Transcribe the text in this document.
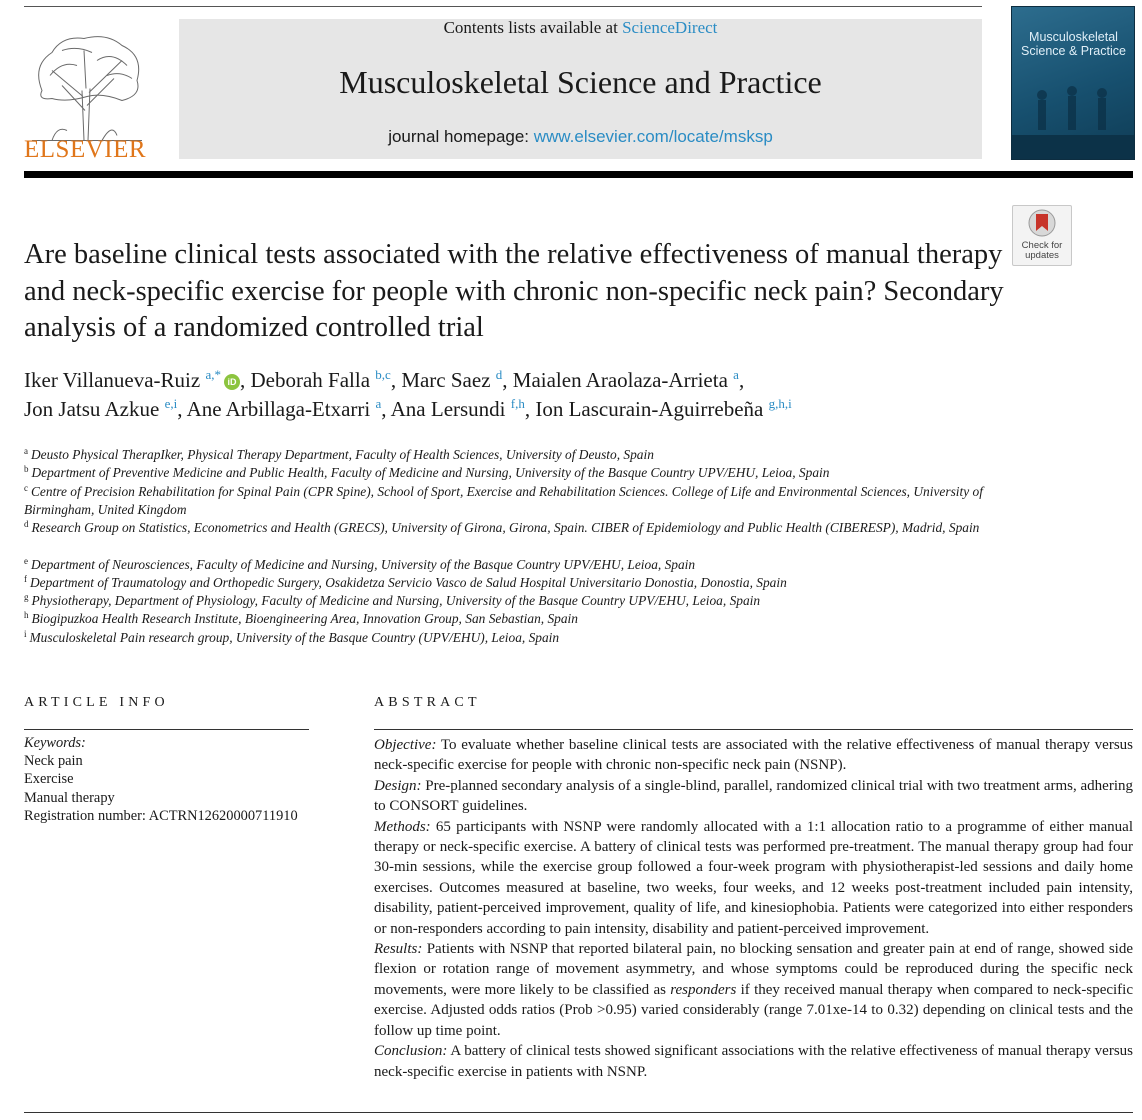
ELSEVIER
Contents lists available at ScienceDirect
Musculoskeletal Science and Practice
journal homepage: www.elsevier.com/locate/msksp
Musculoskeletal Science & Practice
Check for updates
Are baseline clinical tests associated with the relative effectiveness of manual therapy and neck-specific exercise for people with chronic non-specific neck pain? Secondary analysis of a randomized controlled trial
Iker Villanueva-Ruiz $^{a,*}$ iD , Deborah Falla $^{b,c}$, Marc Saez $^d$, Maialen Araolaza-Arrieta $^a$,
Jon Jatsu Azkue $^{e,i}$, Ane Arbillaga-Etxarri $^a$, Ana Lersundi $^{f,h}$, Ion Lascurain-Aguirrebeña $^{g,h,i}$
$^a$ Deusto Physical TherapIker, Physical Therapy Department, Faculty of Health Sciences, University of Deusto, Spain
$^b$ Department of Preventive Medicine and Public Health, Faculty of Medicine and Nursing, University of the Basque Country UPV/EHU, Leioa, Spain
$^c$ Centre of Precision Rehabilitation for Spinal Pain (CPR Spine), School of Sport, Exercise and Rehabilitation Sciences. College of Life and Environmental Sciences, University of Birmingham, United Kingdom
$^d$ Research Group on Statistics, Econometrics and Health (GRECS), University of Girona, Girona, Spain. CIBER of Epidemiology and Public Health (CIBERESP), Madrid, Spain
$^e$ Department of Neurosciences, Faculty of Medicine and Nursing, University of the Basque Country UPV/EHU, Leioa, Spain
$^f$ Department of Traumatology and Orthopedic Surgery, Osakidetza Servicio Vasco de Salud Hospital Universitario Donostia, Donostia, Spain
$^g$ Physiotherapy, Department of Physiology, Faculty of Medicine and Nursing, University of the Basque Country UPV/EHU, Leioa, Spain
$^h$ Biogipuzkoa Health Research Institute, Bioengineering Area, Innovation Group, San Sebastian, Spain
$^i$ Musculoskeletal Pain research group, University of the Basque Country (UPV/EHU), Leioa, Spain
ARTICLE INFO
Keywords:
Neck pain
Exercise
Manual therapy
Registration number: ACTRN12620000711910
ABSTRACT

Objective: To evaluate whether baseline clinical tests are associated with the relative effectiveness of manual therapy versus neck-specific exercise for people with chronic non-specific neck pain (NSNP).

Design: Pre-planned secondary analysis of a single-blind, parallel, randomized clinical trial with two treatment arms, adhering to CONSORT guidelines.

Methods: 65 participants with NSNP were randomly allocated with a 1:1 allocation ratio to a programme of either manual therapy or neck-specific exercise. A battery of clinical tests was performed pre-treatment. The manual therapy group had four 30-min sessions, while the exercise group followed a four-week program with physiotherapist-led sessions and daily home exercises. Outcomes measured at baseline, two weeks, four weeks, and 12 weeks post-treatment included pain intensity, disability, patient-perceived improvement, quality of life, and kinesiophobia. Patients were categorized into either responders or non-responders according to pain intensity, disability and patient-perceived improvement.

Results: Patients with NSNP that reported bilateral pain, no blocking sensation and greater pain at end of range, showed side flexion or rotation range of movement asymmetry, and whose symptoms could be reproduced during the specific neck movements, were more likely to be classified as responders if they received manual therapy when compared to neck-specific exercise. Adjusted odds ratios (Prob >0.95) varied considerably (range 7.01xe-14 to 0.32) depending on clinical tests and the follow up time point.

Conclusion: A battery of clinical tests showed significant associations with the relative effectiveness of manual therapy versus neck-specific exercise in patients with NSNP.
